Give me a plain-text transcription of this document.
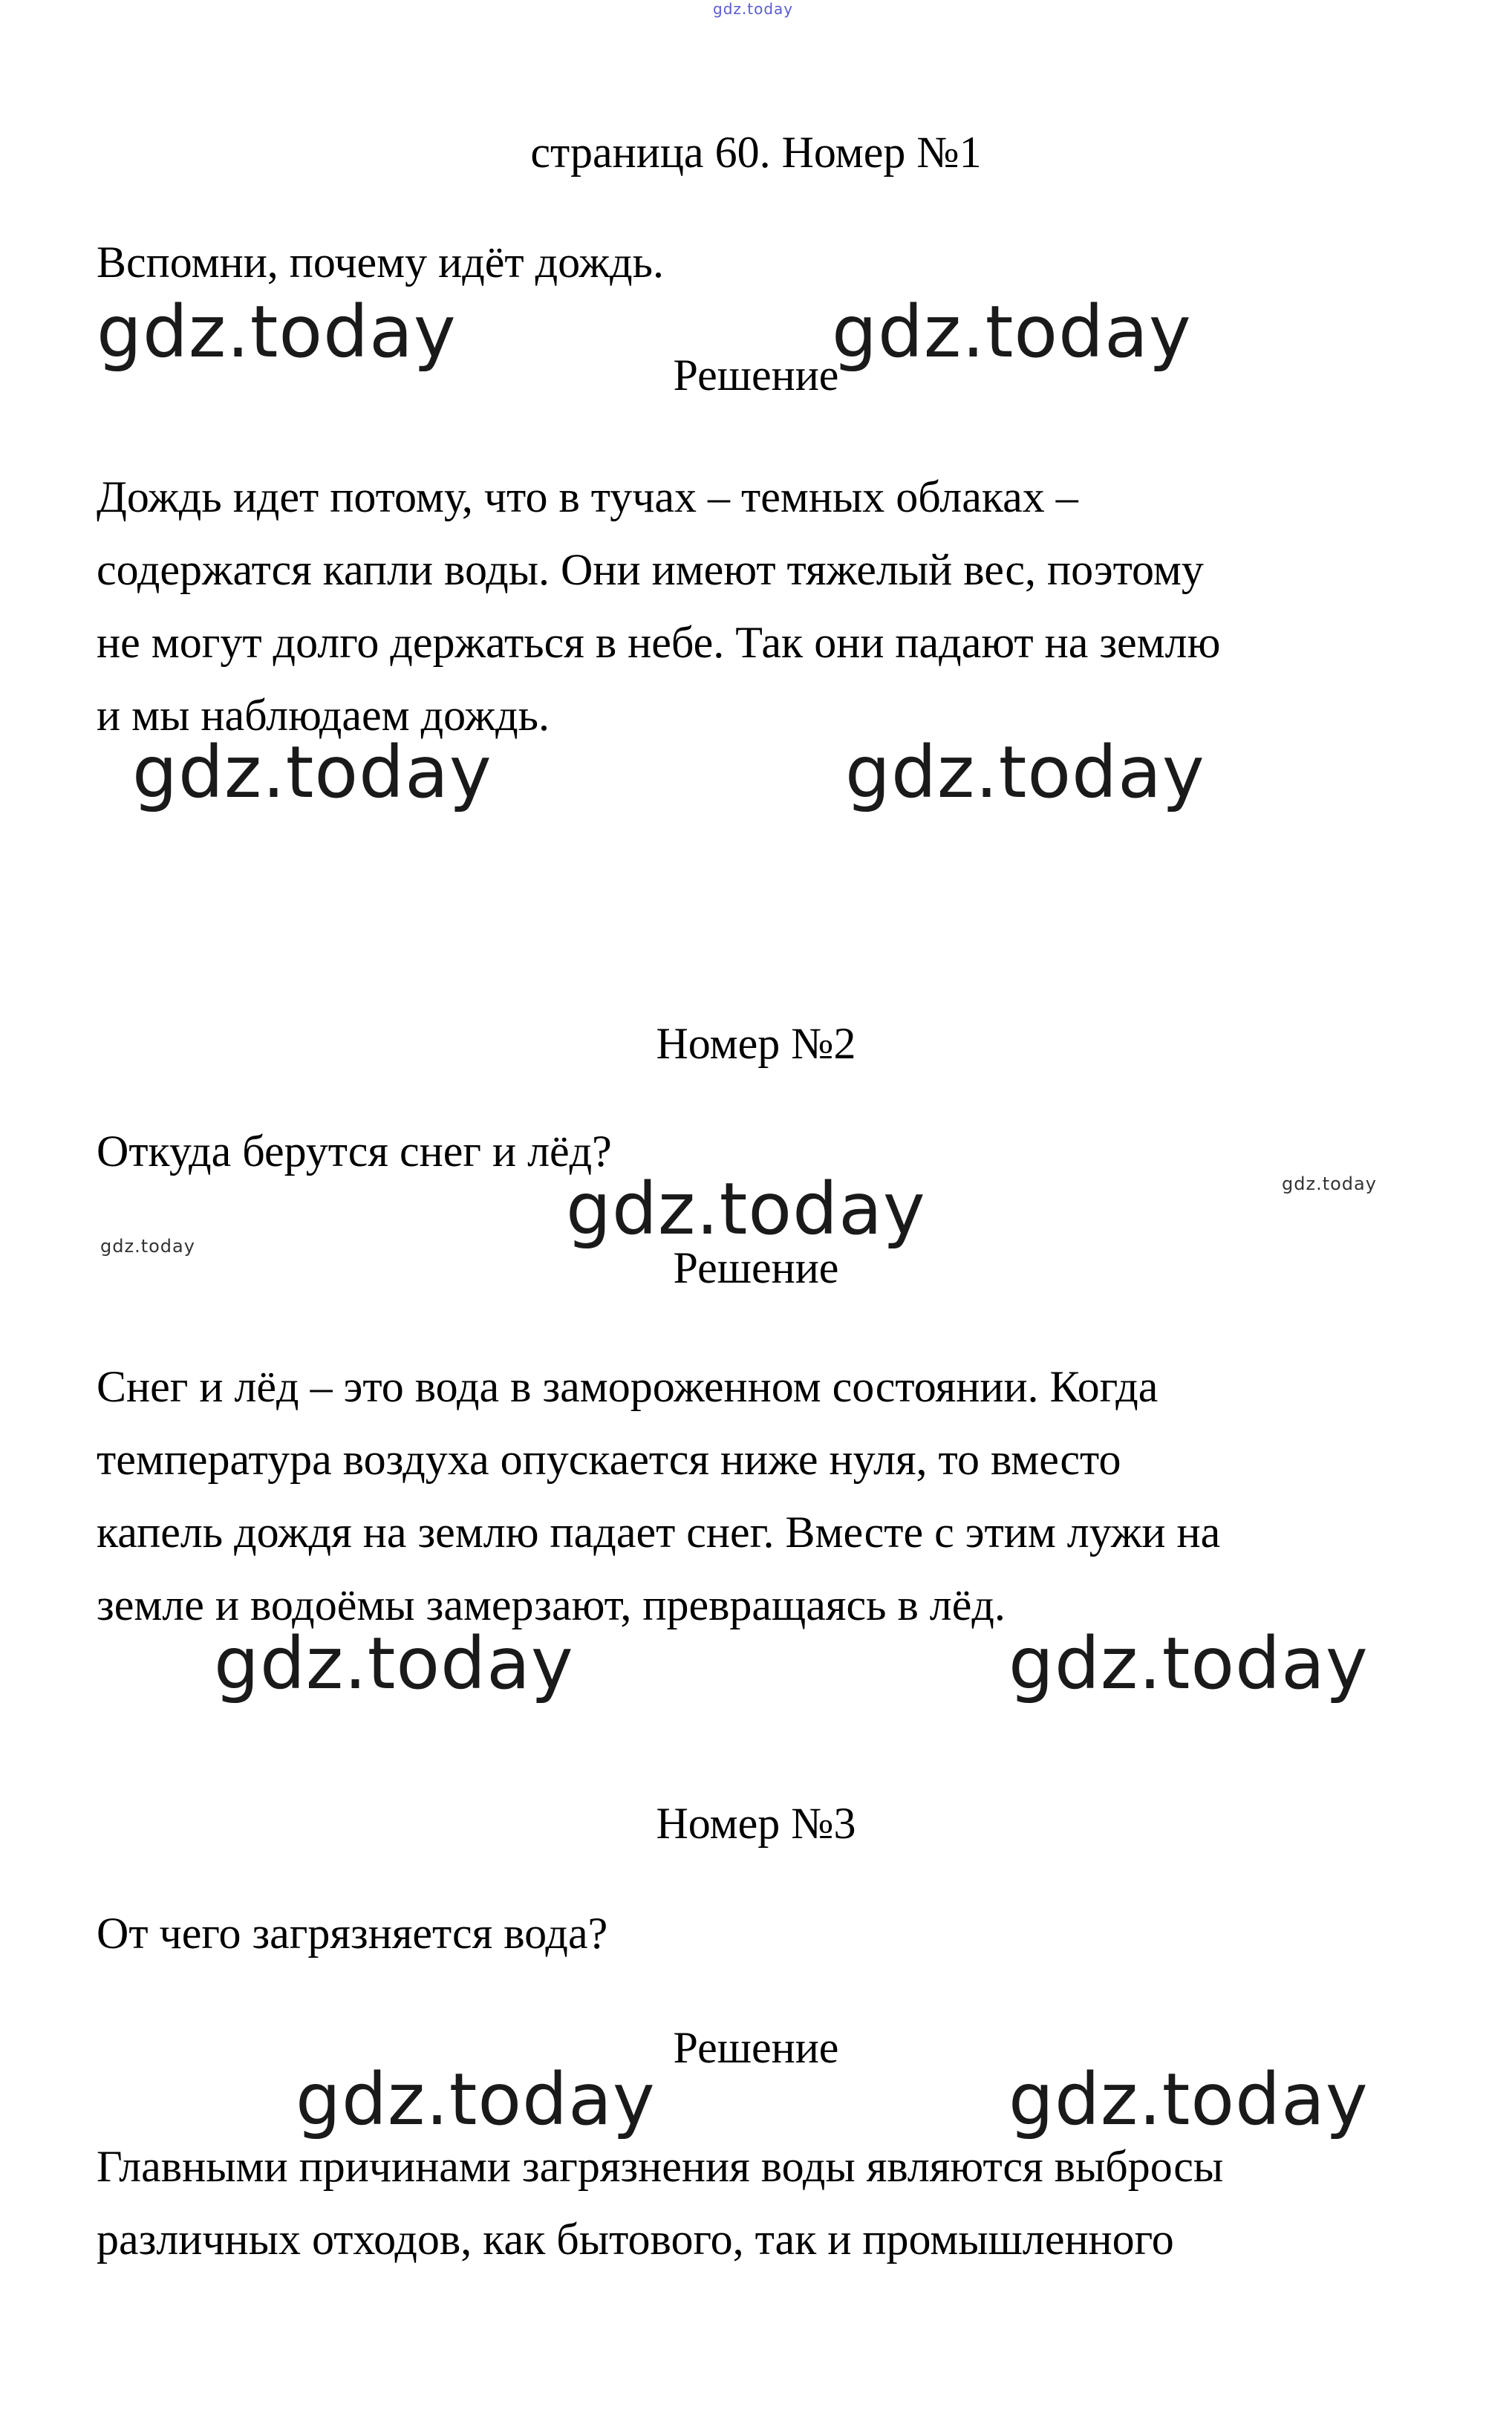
gdz.today
страница 60. Номер №1
Вспомни, почему идёт дождь.
gdz.today	gdz.today
Решение
Дождь идет потому, что в тучах – темных облаках –
содержатся капли воды. Они имеют тяжелый вес, поэтому
не могут долго держаться в небе. Так они падают на землю
и мы наблюдаем дождь.
gdz.today	gdz.today
Номер №2
Откуда берутся снег и лёд?
gdz.today
gdz.today
gdz.today	Решение
Снег и лёд – это вода в замороженном состоянии. Когда
температура воздуха опускается ниже нуля, то вместо
капель дождя на землю падает снег. Вместе с этим лужи на
земле и водоёмы замерзают, превращаясь в лёд.
gdz.today	gdz.today
Номер №3
От чего загрязняется вода?
Решение
gdz.today	gdz.today
Главными причинами загрязнения воды являются выбросы
различных отходов, как бытового, так и промышленного
